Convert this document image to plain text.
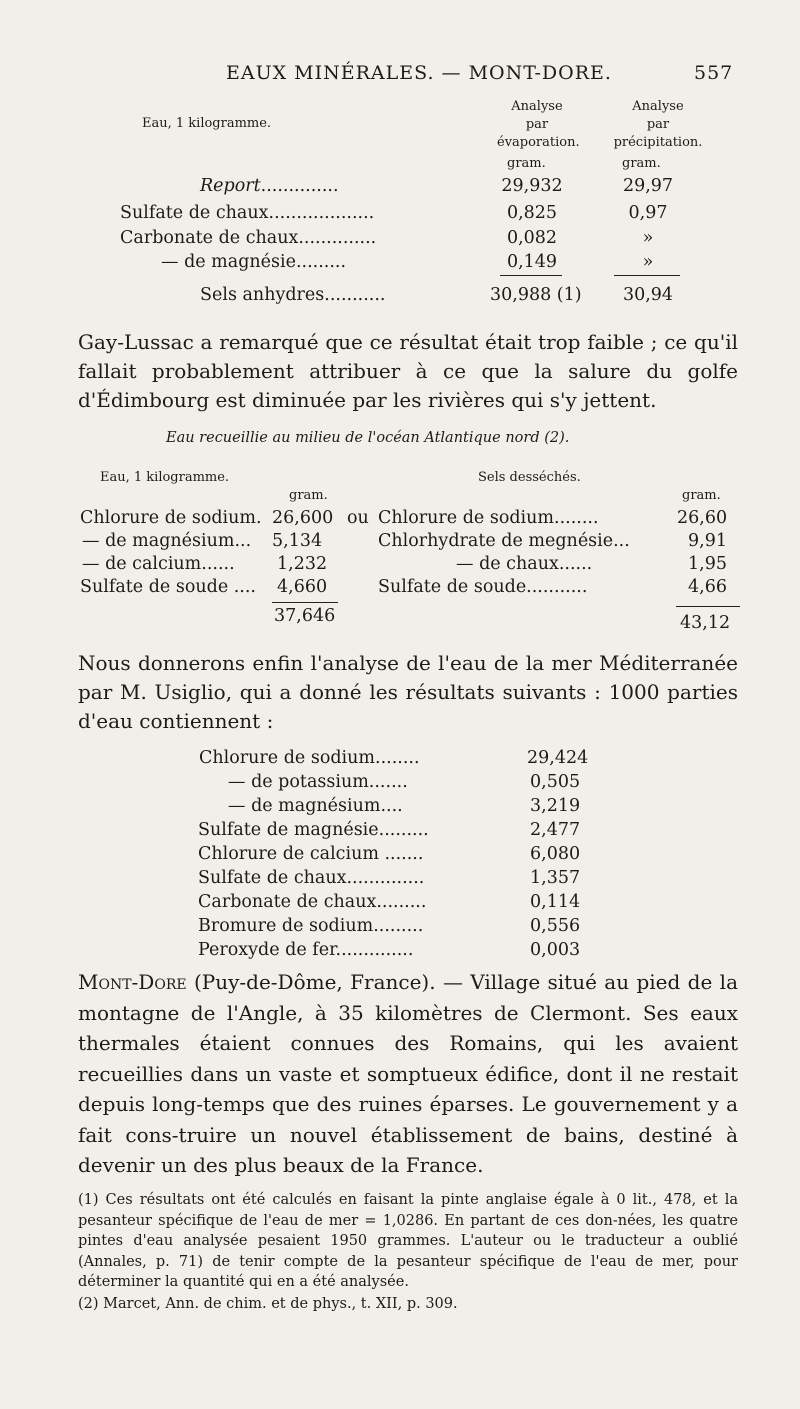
EAUX MINÉRALES. — MONT-DORE.	557
Eau, 1 kilogramme.
Analyse
par
évaporation.
Analyse
par
précipitation.
gram.	gram.
Report..............	29,932	29,97
Sulfate de chaux...................	0,825	0,97
Carbonate de chaux..............	0,082	»
— de magnésie.........	0,149	»
Sels anhydres...........	30,988 (1)	30,94
Gay-Lussac a remarqué que ce résultat était trop faible ; ce qu'il fallait probablement attribuer à ce que la salure du golfe d'Édimbourg est diminuée par les rivières qui s'y jettent.
Eau recueillie au milieu de l'océan Atlantique nord (2).
Eau, 1 kilogramme.	Sels desséchés.
gram.	gram.
Chlorure de sodium. 26,600 ou Chlorure de sodium........	26,60
— de magnésium... 5,134	Chlorhydrate de megnésie...	9,91
— de calcium...... 1,232	— de chaux......	1,95
Sulfate de soude .... 4,660	Sulfate de soude...........	4,66
37,646	43,12
Nous donnerons enfin l'analyse de l'eau de la mer Méditerranée par M. Usiglio, qui a donné les résultats suivants : 1000 parties d'eau contiennent :
Chlorure de sodium........	29,424
— de potassium.......	0,505
— de magnésium....	3,219
Sulfate de magnésie.........	2,477
Chlorure de calcium .......	6,080
Sulfate de chaux..............	1,357
Carbonate de chaux.........	0,114
Bromure de sodium.........	0,556
Peroxyde de fer..............	0,003
Mont-Dore (Puy-de-Dôme, France). — Village situé au pied de la montagne de l'Angle, à 35 kilomètres de Clermont. Ses eaux thermales étaient connues des Romains, qui les avaient recueillies dans un vaste et somptueux édifice, dont il ne restait depuis long-temps que des ruines éparses. Le gouvernement y a fait cons-truire un nouvel établissement de bains, destiné à devenir un des plus beaux de la France.
(1) Ces résultats ont été calculés en faisant la pinte anglaise égale à 0 lit., 478, et la pesanteur spécifique de l'eau de mer = 1,0286. En partant de ces don-nées, les quatre pintes d'eau analysée pesaient 1950 grammes. L'auteur ou le traducteur a oublié (Annales, p. 71) de tenir compte de la pesanteur spécifique de l'eau de mer, pour déterminer la quantité qui en a été analysée.
(2) Marcet, Ann. de chim. et de phys., t. XII, p. 309.
